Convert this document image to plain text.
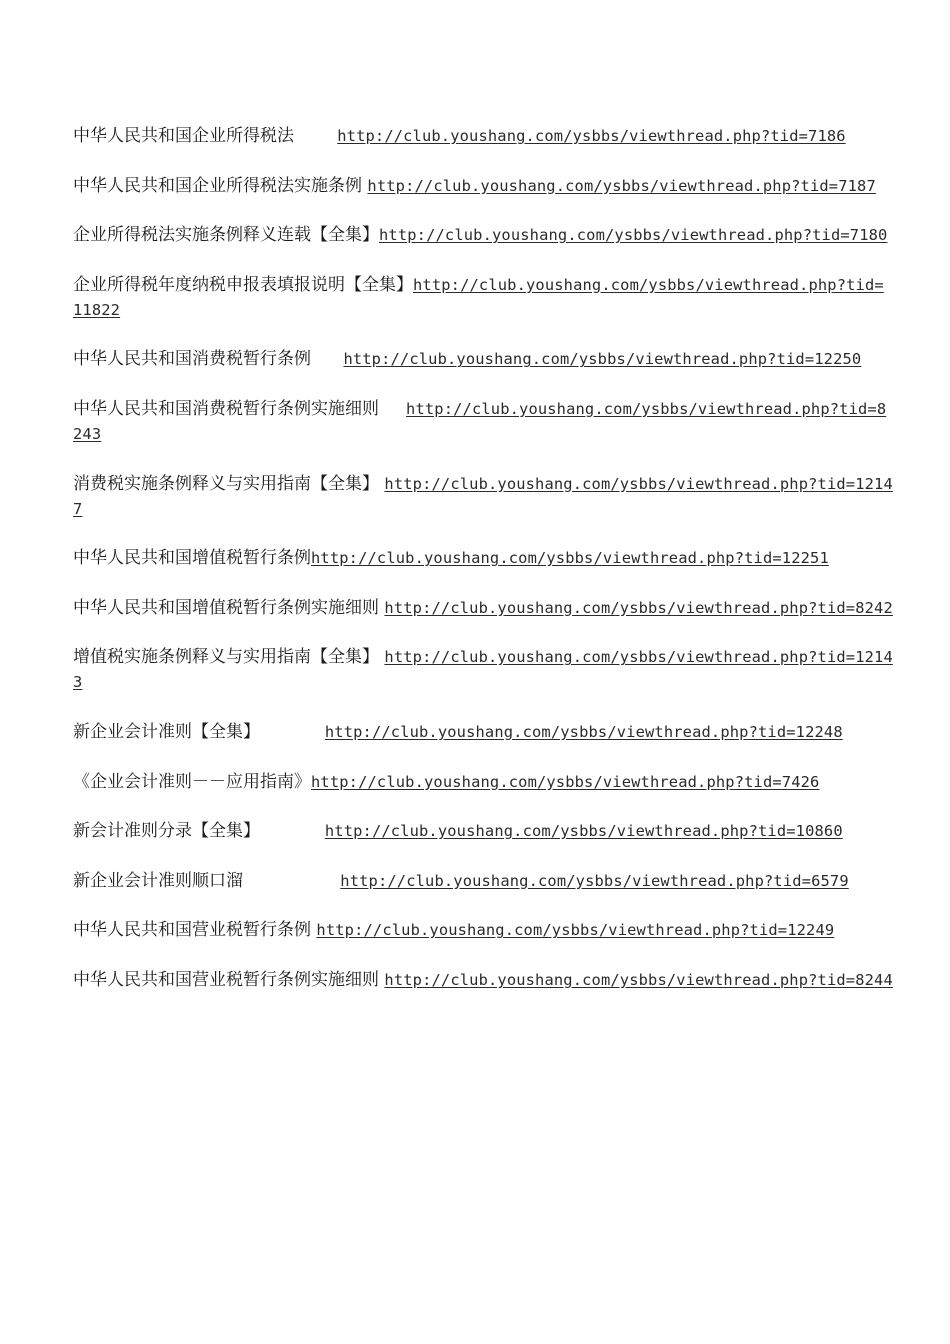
中华人民共和国企业所得税法	http://club.youshang.com/ysbbs/viewthread.php?tid=7186

中华人民共和国企业所得税法实施条例 http://club.youshang.com/ysbbs/viewthread.php?tid=7187

企业所得税法实施条例释义连载【全集】http://club.youshang.com/ysbbs/viewthread.php?tid=7180

企业所得税年度纳税申报表填报说明【全集】http://club.youshang.com/ysbbs/viewthread.php?tid=11822

中华人民共和国消费税暂行条例 http://club.youshang.com/ysbbs/viewthread.php?tid=12250

中华人民共和国消费税暂行条例实施细则 http://club.youshang.com/ysbbs/viewthread.php?tid=8243

消费税实施条例释义与实用指南【全集】 http://club.youshang.com/ysbbs/viewthread.php?tid=12147

中华人民共和国增值税暂行条例http://club.youshang.com/ysbbs/viewthread.php?tid=12251

中华人民共和国增值税暂行条例实施细则 http://club.youshang.com/ysbbs/viewthread.php?tid=8242

增值税实施条例释义与实用指南【全集】 http://club.youshang.com/ysbbs/viewthread.php?tid=12143

新企业会计准则【全集】	http://club.youshang.com/ysbbs/viewthread.php?tid=12248

《企业会计准则－－应用指南》http://club.youshang.com/ysbbs/viewthread.php?tid=7426

新会计准则分录【全集】	http://club.youshang.com/ysbbs/viewthread.php?tid=10860

新企业会计准则顺口溜	http://club.youshang.com/ysbbs/viewthread.php?tid=6579

中华人民共和国营业税暂行条例 http://club.youshang.com/ysbbs/viewthread.php?tid=12249

中华人民共和国营业税暂行条例实施细则 http://club.youshang.com/ysbbs/viewthread.php?tid=8244
